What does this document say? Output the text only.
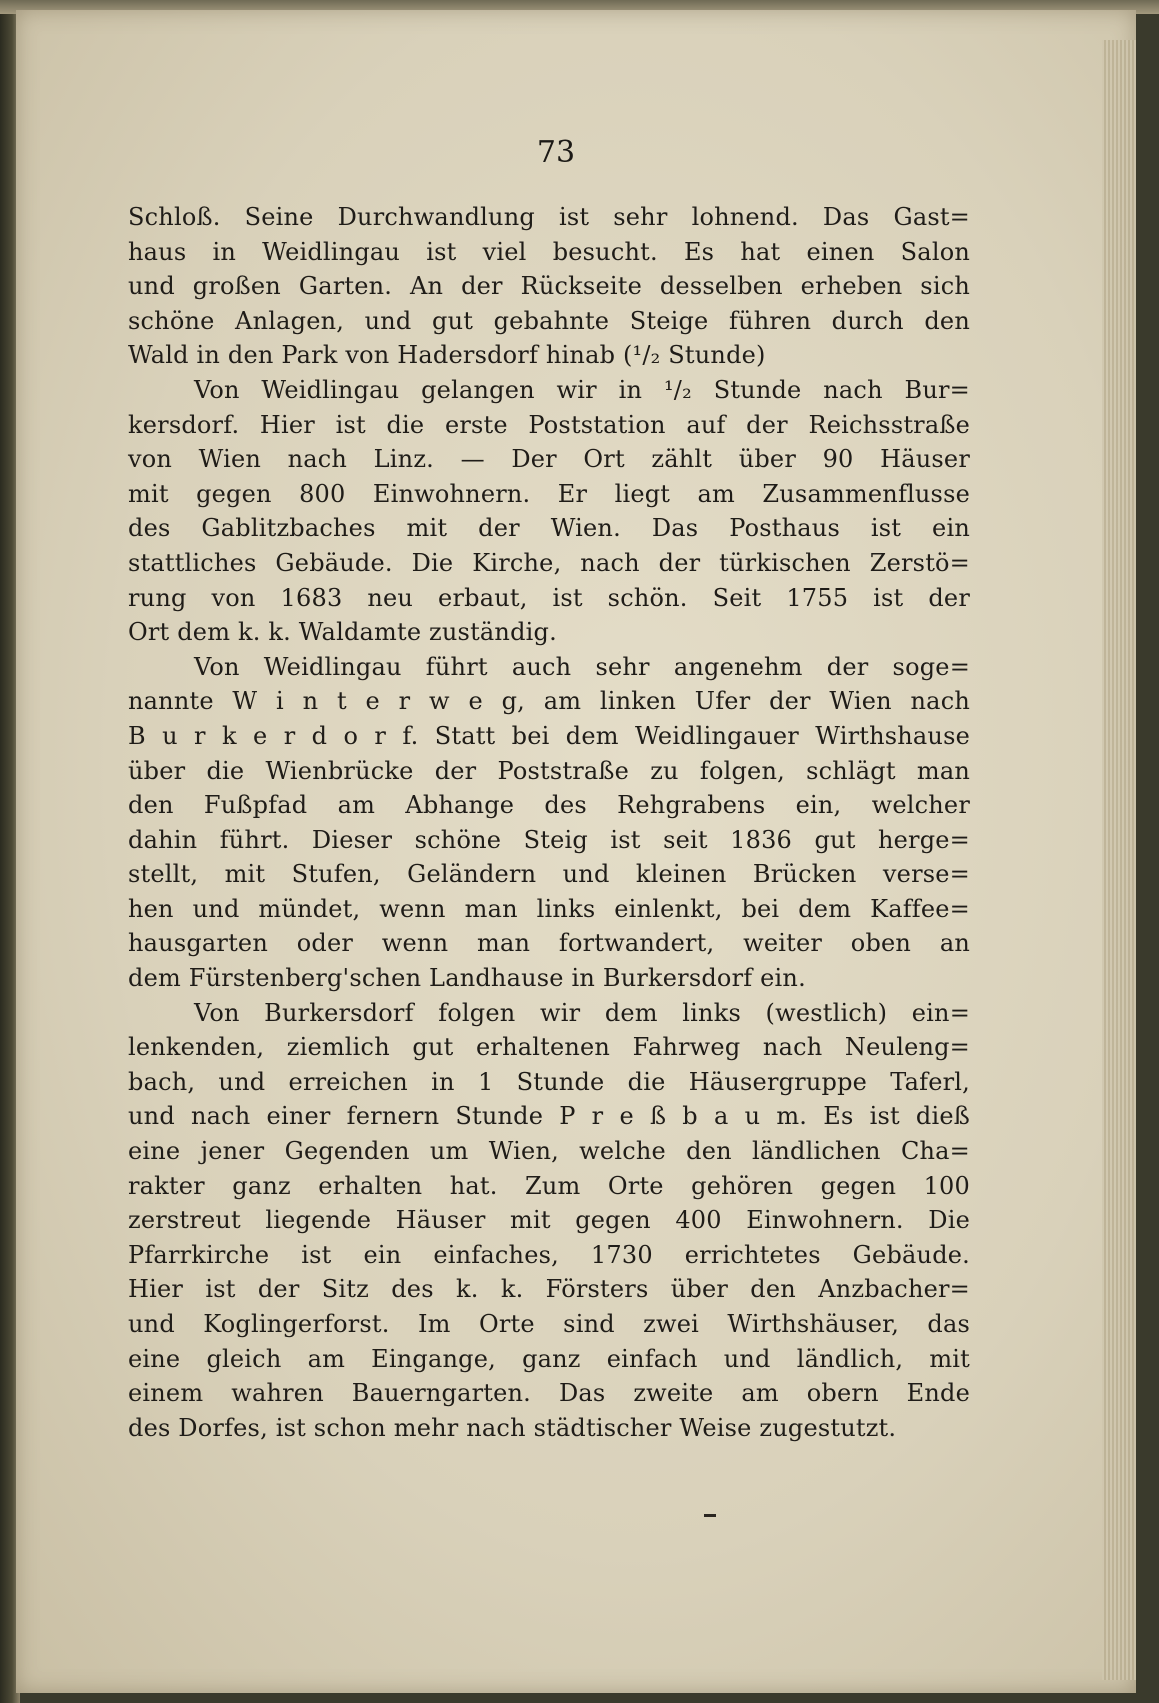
73
Schloß. Seine Durchwandlung ist sehr lohnend. Das Gast=
haus in Weidlingau ist viel besucht. Es hat einen Salon
und großen Garten. An der Rückseite desselben erheben sich
schöne Anlagen, und gut gebahnte Steige führen durch den
Wald in den Park von Hadersdorf hinab (¹/₂ Stunde)
Von Weidlingau gelangen wir in ¹/₂ Stunde nach Bur=
kersdorf. Hier ist die erste Poststation auf der Reichsstraße
von Wien nach Linz. — Der Ort zählt über 90 Häuser
mit gegen 800 Einwohnern. Er liegt am Zusammenflusse
des Gablitzbaches mit der Wien. Das Posthaus ist ein
stattliches Gebäude. Die Kirche, nach der türkischen Zerstö=
rung von 1683 neu erbaut, ist schön. Seit 1755 ist der
Ort dem k. k. Waldamte zuständig.
Von Weidlingau führt auch sehr angenehm der soge=
nannte W i n t e r w e g, am linken Ufer der Wien nach
B u r k e r d o r f. Statt bei dem Weidlingauer Wirthshause
über die Wienbrücke der Poststraße zu folgen, schlägt man
den Fußpfad am Abhange des Rehgrabens ein, welcher
dahin führt. Dieser schöne Steig ist seit 1836 gut herge=
stellt, mit Stufen, Geländern und kleinen Brücken verse=
hen und mündet, wenn man links einlenkt, bei dem Kaffee=
hausgarten oder wenn man fortwandert, weiter oben an
dem Fürstenberg'schen Landhause in Burkersdorf ein.
Von Burkersdorf folgen wir dem links (westlich) ein=
lenkenden, ziemlich gut erhaltenen Fahrweg nach Neuleng=
bach, und erreichen in 1 Stunde die Häusergruppe Taferl,
und nach einer fernern Stunde P r e ß b a u m. Es ist dieß
eine jener Gegenden um Wien, welche den ländlichen Cha=
rakter ganz erhalten hat. Zum Orte gehören gegen 100
zerstreut liegende Häuser mit gegen 400 Einwohnern. Die
Pfarrkirche ist ein einfaches, 1730 errichtetes Gebäude.
Hier ist der Sitz des k. k. Försters über den Anzbacher=
und Koglingerforst. Im Orte sind zwei Wirthshäuser, das
eine gleich am Eingange, ganz einfach und ländlich, mit
einem wahren Bauerngarten. Das zweite am obern Ende
des Dorfes, ist schon mehr nach städtischer Weise zugestutzt.
